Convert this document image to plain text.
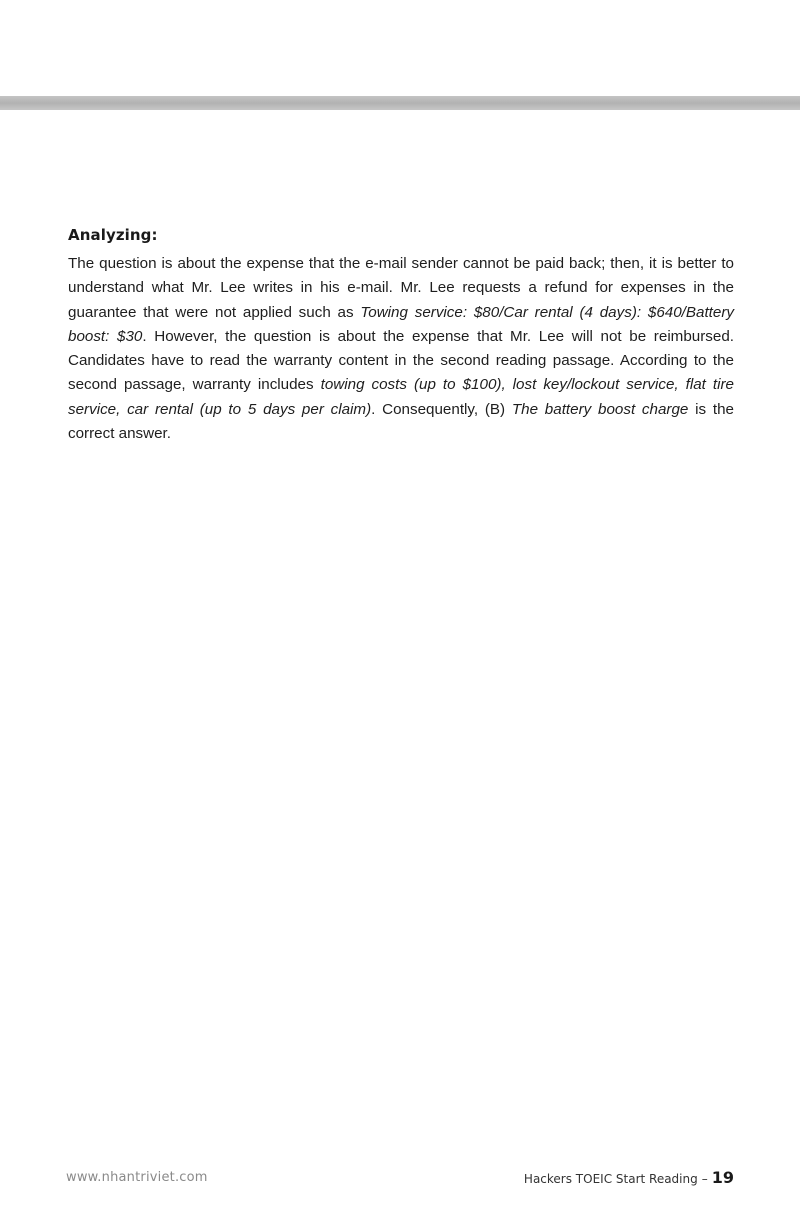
Analyzing:

The question is about the expense that the e-mail sender cannot be paid back; then, it is better to understand what Mr. Lee writes in his e-mail. Mr. Lee requests a refund for expenses in the guarantee that were not applied such as Towing service: $80/Car rental (4 days): $640/Battery boost: $30. However, the question is about the expense that Mr. Lee will not be reimbursed. Candidates have to read the warranty content in the second reading passage. According to the second passage, warranty includes towing costs (up to $100), lost key/lockout service, flat tire service, car rental (up to 5 days per claim). Consequently, (B) The battery boost charge is the correct answer.

www.nhantriviet.com	Hackers TOEIC Start Reading – 19
